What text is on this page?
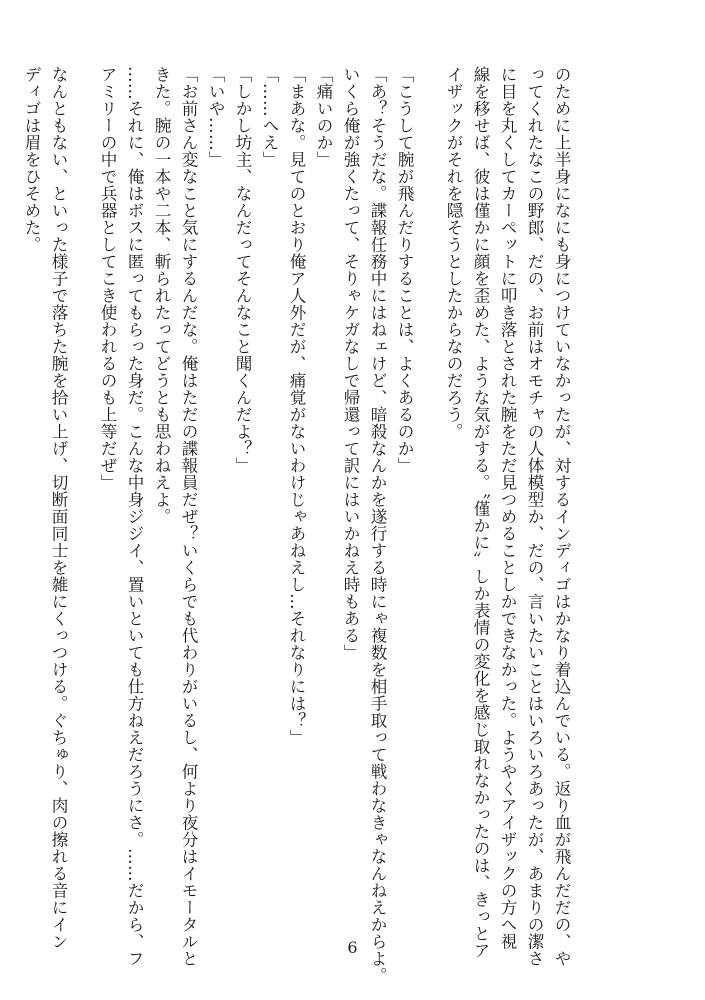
のために上半身になにも身につけていなかったが、対するインディゴはかなり着込んでいる。返り血が飛んだだの、や
ってくれたなこの野郎、だの、お前はオモチャの人体模型か、だの、言いたいことはいろいろあったが、あまりの潔さ
に目を丸くしてカーペットに叩き落とされた腕をただ見つめることしかできなかった。ようやくアイザックの方へ視
線を移せば、彼は僅かに顔を歪めた、ような気がする。〝僅かに〟しか表情の変化を感じ取れなかったのは、きっとア
イザックがそれを隠そうとしたからなのだろう。
「こうして腕が飛んだりすることは、よくあるのか」
「あ？そうだな。諜報任務中にはねェけど、暗殺なんかを遂行する時にゃ複数を相手取って戦わなきゃなんねえからよ。
いくら俺が強くたって、そりゃケガなしで帰還って訳にはいかねえ時もある」
「痛いのか」
「まあな。見てのとおり俺ア人外だが、痛覚がないわけじゃあねえし…それなりには？」
「……へえ」
「しかし坊主、なんだってそんなこと聞くんだよ？」
「いや……」
「お前さん変なこと気にするんだな。俺はただの諜報員だぜ？いくらでも代わりがいるし、何より夜分はイモータルと
きた。腕の一本や二本、斬られたってどうとも思わねえよ。
……それに、俺はボスに匿ってもらった身だ。こんな中身ジジイ、置いといても仕方ねえだろうにさ。……だから、フ
アミリーの中で兵器としてこき使われるのも上等だぜ」
なんともない、といった様子で落ちた腕を拾い上げ、切断面同士を雑にくっつける。ぐちゅり、肉の擦れる音にイン
ディゴは眉をひそめた。
6
